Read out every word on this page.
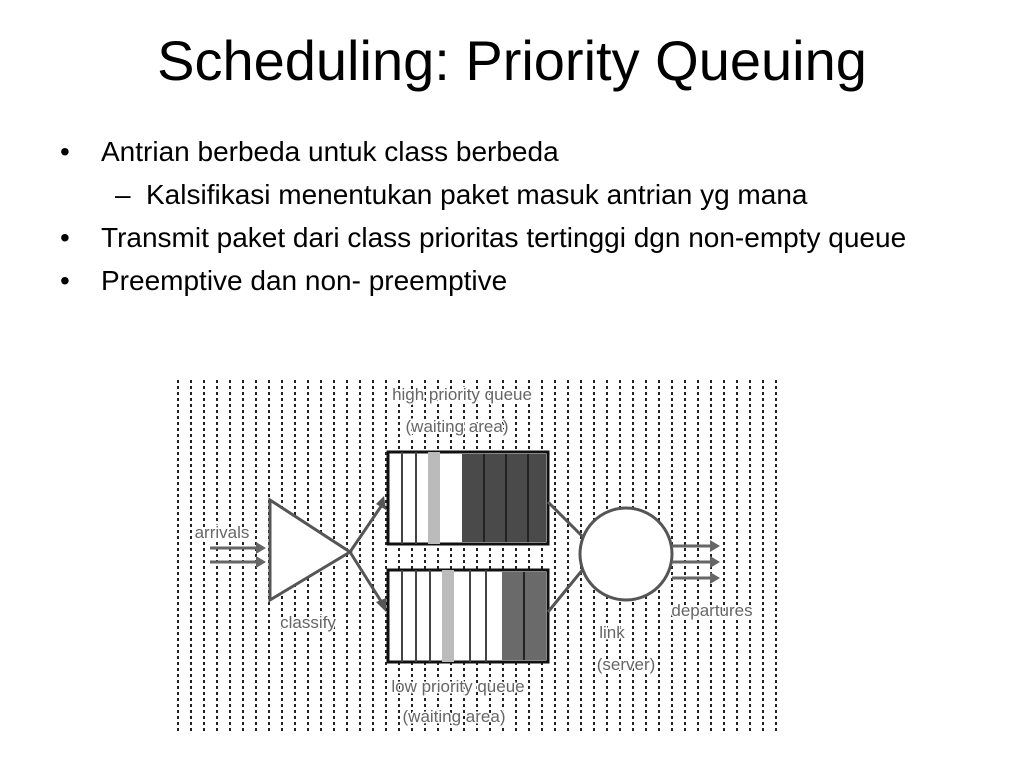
Scheduling: Priority Queuing
• Antrian berbeda untuk class berbeda
– Kalsifikasi menentukan paket masuk antrian yg mana
• Transmit paket dari class prioritas tertinggi dgn non-empty queue
• Preemptive dan non- preemptive
high priority queue
(waiting area)
arrivals
classify
departures
link
(server)
low priority queue
(waiting area)
